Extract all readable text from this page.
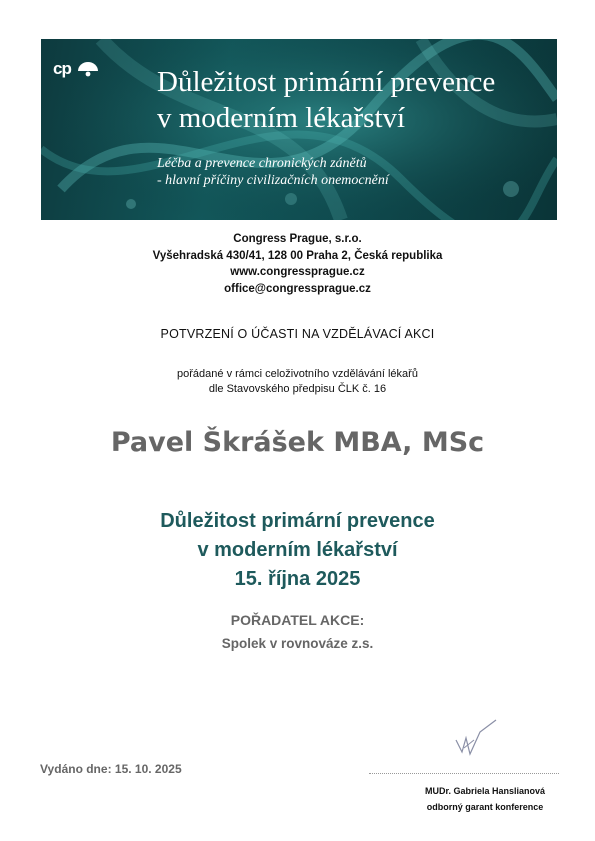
cp	Důležitost primární prevence
v moderním lékařství
Léčba a prevence chronických zánětů
- hlavní příčiny civilizačních onemocnění
Congress Prague, s.r.o.
Vyšehradská 430/41, 128 00 Praha 2, Česká republika
www.congressprague.cz
office@congressprague.cz
POTVRZENÍ O ÚČASTI NA VZDĚLÁVACÍ AKCI
pořádané v rámci celoživotního vzdělávání lékařů
dle Stavovského předpisu ČLK č. 16
Pavel Škrášek MBA, MSc
Důležitost primární prevence
v moderním lékařství
15. října 2025
POŘADATEL AKCE:
Spolek v rovnováze z.s.
Vydáno dne: 15. 10. 2025
MUDr. Gabriela Hanslianová
odborný garant konference
